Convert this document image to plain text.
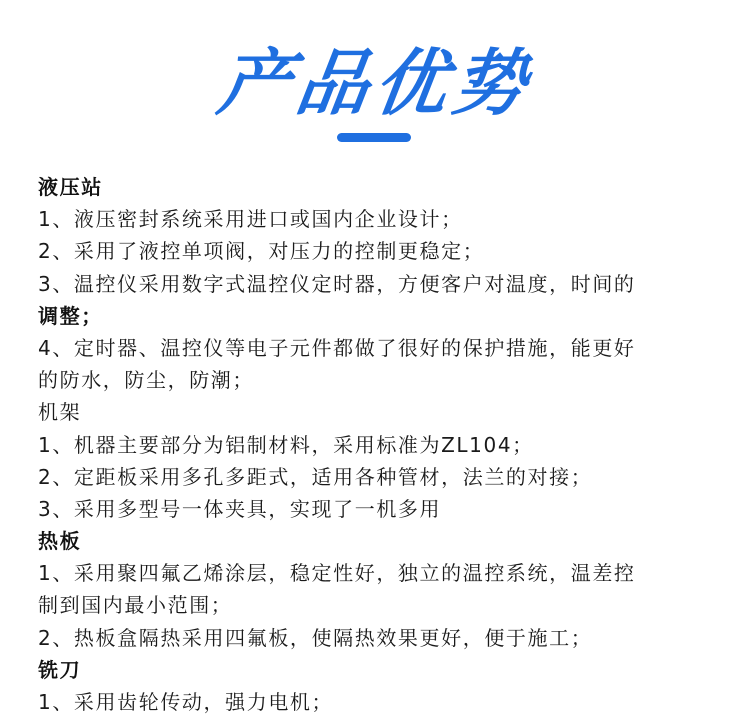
产品优势
液压站
1、液压密封系统采用进口或国内企业设计；
2、采用了液控单项阀，对压力的控制更稳定；
3、温控仪采用数字式温控仪定时器，方便客户对温度，时间的
调整；
4、定时器、温控仪等电子元件都做了很好的保护措施，能更好
的防水，防尘，防潮；
机架
1、机器主要部分为铝制材料，采用标准为ZL104；
2、定距板采用多孔多距式，适用各种管材，法兰的对接；
3、采用多型号一体夹具，实现了一机多用
热板
1、采用聚四氟乙烯涂层，稳定性好，独立的温控系统，温差控
制到国内最小范围；
2、热板盒隔热采用四氟板，使隔热效果更好，便于施工；
铣刀
1、采用齿轮传动，强力电机；
